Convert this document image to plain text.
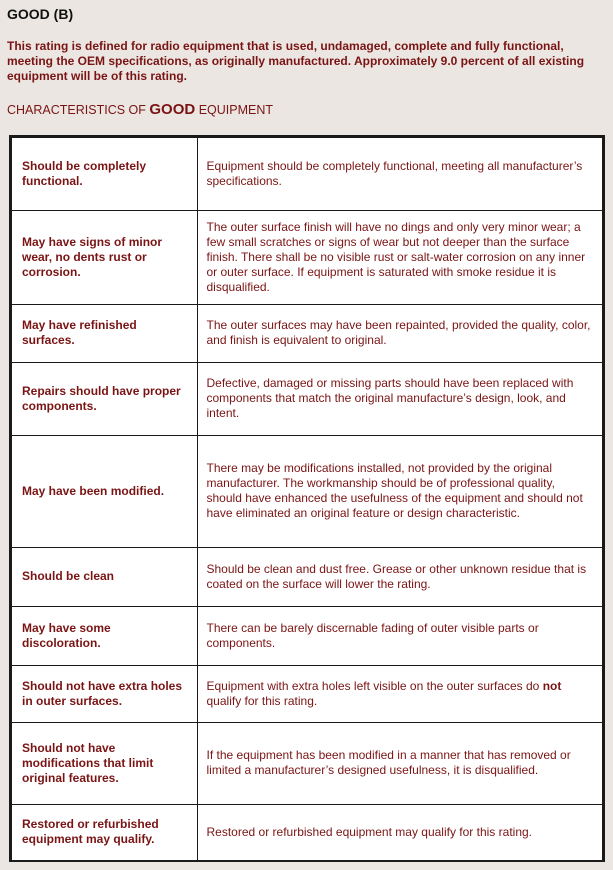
GOOD (B)
This rating is defined for radio equipment that is used, undamaged, complete and fully functional, meeting the OEM specifications, as originally manufactured. Approximately 9.0 percent of all existing equipment will be of this rating.
CHARACTERISTICS OF GOOD EQUIPMENT
Should be completely functional.	Equipment should be completely functional, meeting all manufacturer’s specifications.
May have signs of minor wear, no dents rust or corrosion.	The outer surface finish will have no dings and only very minor wear; a few small scratches or signs of wear but not deeper than the surface finish. There shall be no visible rust or salt-water corrosion on any inner or outer surface. If equipment is saturated with smoke residue it is disqualified.
May have refinished surfaces.	The outer surfaces may have been repainted, provided the quality, color, and finish is equivalent to original.
Repairs should have proper components.	Defective, damaged or missing parts should have been replaced with components that match the original manufacture’s design, look, and intent.
May have been modified.	There may be modifications installed, not provided by the original manufacturer. The workmanship should be of professional quality, should have enhanced the usefulness of the equipment and should not have eliminated an original feature or design characteristic.
Should be clean	Should be clean and dust free. Grease or other unknown residue that is coated on the surface will lower the rating.
May have some discoloration.	There can be barely discernable fading of outer visible parts or components.
Should not have extra holes in outer surfaces.	Equipment with extra holes left visible on the outer surfaces do not qualify for this rating.
Should not have modifications that limit original features.	If the equipment has been modified in a manner that has removed or limited a manufacturer’s designed usefulness, it is disqualified.
Restored or refurbished equipment may qualify.	Restored or refurbished equipment may qualify for this rating.
